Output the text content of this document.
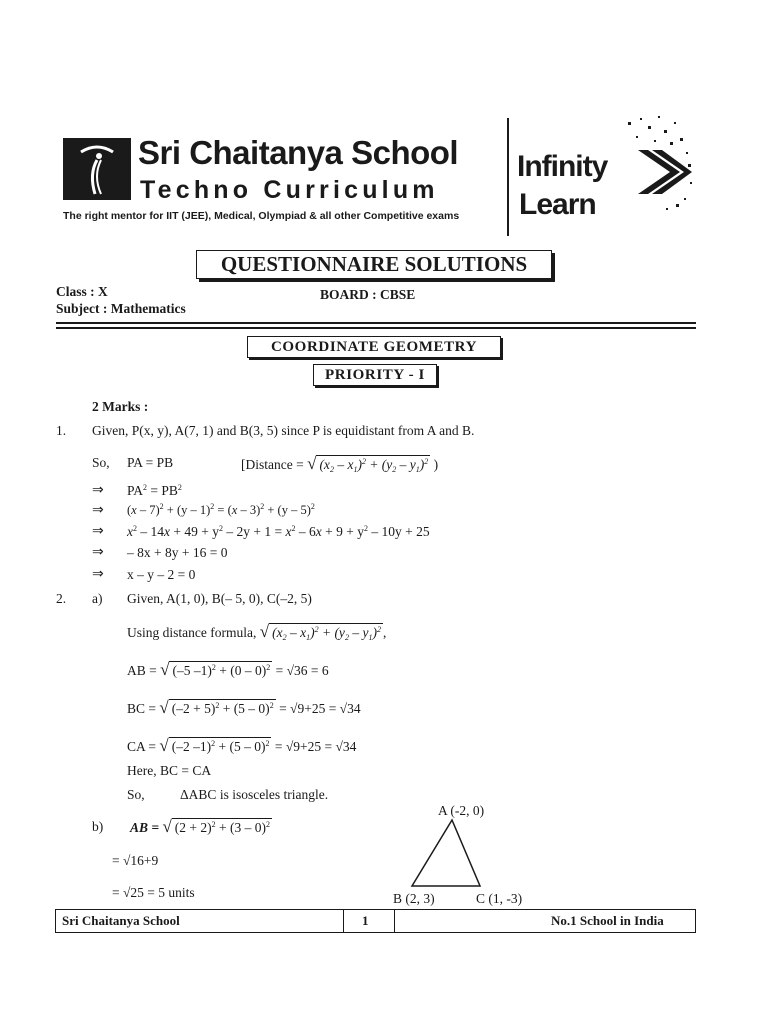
Sri Chaitanya School
Techno Curriculum
The right mentor for IIT (JEE), Medical, Olympiad & all other Competitive exams
Infinity
Learn
QUESTIONNAIRE SOLUTIONS
Class : X
Subject : Mathematics
BOARD : CBSE
COORDINATE GEOMETRY
PRIORITY - I
2 Marks :
1. Given, P(x, y), A(7, 1) and B(3, 5) since P is equidistant from A and B.
So, PA = PB	[Distance = √ $(x_2 - x_1)^2 + (y_2 - y_1)^2$ )
⇒ $PA^2 = PB^2$
⇒ (x – 7)$^2$ + (y – 1)$^2$ = (x – 3)$^2$ + (y – 5)$^2$
⇒ $x^2 - 14x + 49 + y^2 - 2y + 1 = x^2 - 6x + 9 + y^2 - 10y + 25$
⇒ – 8x + 8y + 16 = 0
⇒ x – y – 2 = 0
2. a) Given, A(1, 0), B(– 5, 0), C(–2, 5)
Using distance formula, √ $(x_2 - x_1)^2 + (y_2 - y_1)^2$ ,
AB = √ (–5 –1)$^2$ + (0 – 0)$^2$ = √36 = 6
BC = √ $(-2 + 5)^2 + (5 - 0)^2 = √9+25 = √34$
CA = √ (–2 –1)$^2$ + (5 – 0)$^2$ = √9+25 = √34
Here, BC = CA
So,	ΔABC is isosceles triangle.
b) AB = √ $(2 + 2)^2 + (3 - 0)^2$
= √16+9
= √25 = 5 units
A (-2, 0)
B (2, 3)	C (1, -3)
Sri Chaitanya School	1	No.1 School in India
